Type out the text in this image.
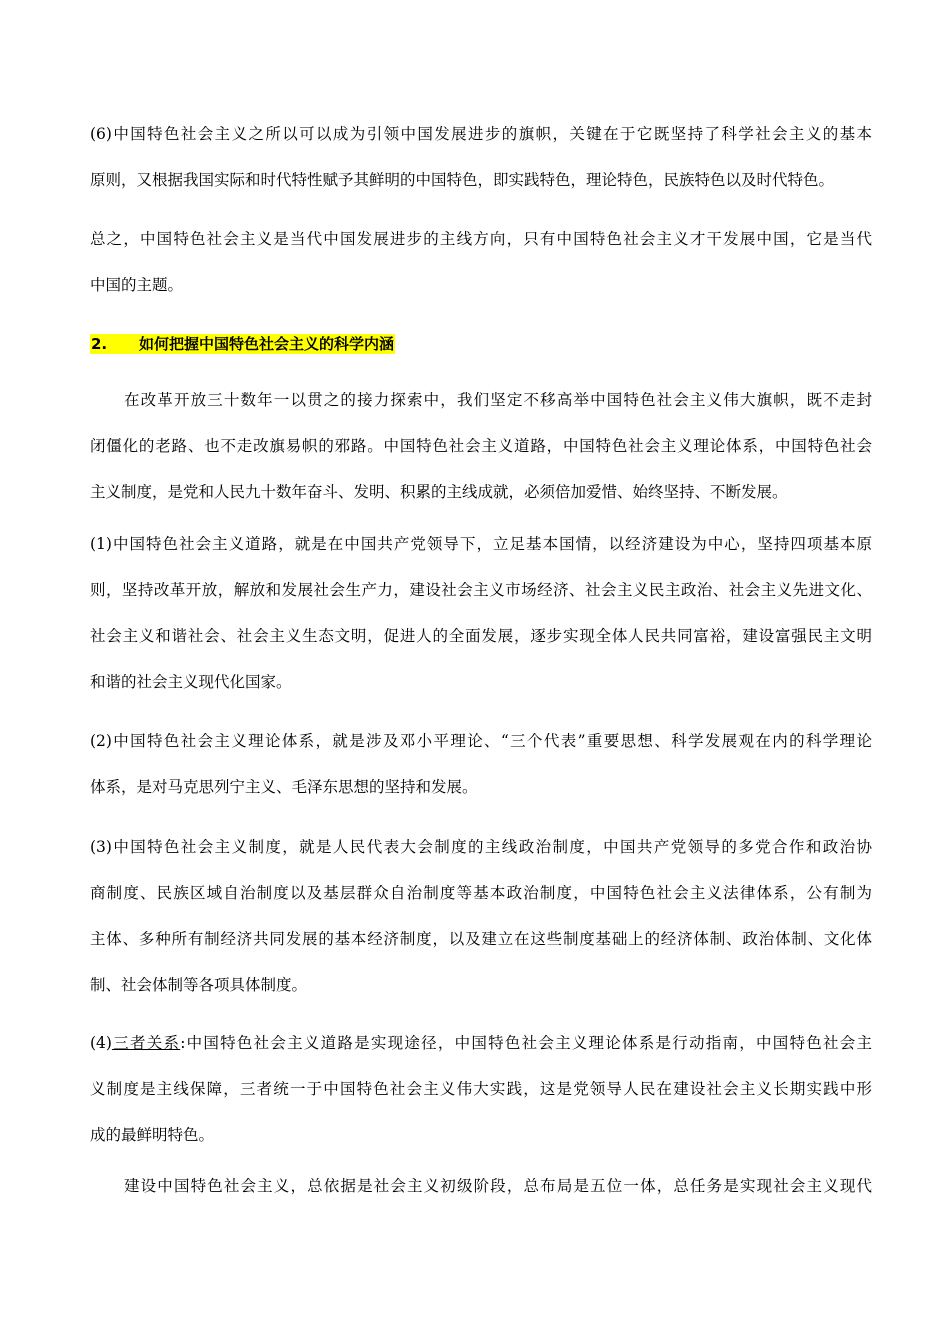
(6)中国特色社会主义之所以可以成为引领中国发展进步的旗帜，关键在于它既坚持了科学社会主义的基本
原则，又根据我国实际和时代特性赋予其鲜明的中国特色，即实践特色，理论特色，民族特色以及时代特色。
总之，中国特色社会主义是当代中国发展进步的主线方向，只有中国特色社会主义才干发展中国，它是当代
中国的主题。
2. 如何把握中国特色社会主义的科学内涵
在改革开放三十数年一以贯之的接力探索中，我们坚定不移高举中国特色社会主义伟大旗帜，既不走封
闭僵化的老路、也不走改旗易帜的邪路。中国特色社会主义道路，中国特色社会主义理论体系，中国特色社会
主义制度，是党和人民九十数年奋斗、发明、积累的主线成就，必须倍加爱惜、始终坚持、不断发展。
(1)中国特色社会主义道路，就是在中国共产党领导下，立足基本国情，以经济建设为中心，坚持四项基本原
则，坚持改革开放，解放和发展社会生产力，建设社会主义市场经济、社会主义民主政治、社会主义先进文化、
社会主义和谐社会、社会主义生态文明，促进人的全面发展，逐步实现全体人民共同富裕，建设富强民主文明
和谐的社会主义现代化国家。
(2)中国特色社会主义理论体系，就是涉及邓小平理论、“三个代表”重要思想、科学发展观在内的科学理论
体系，是对马克思列宁主义、毛泽东思想的坚持和发展。
(3)中国特色社会主义制度，就是人民代表大会制度的主线政治制度，中国共产党领导的多党合作和政治协
商制度、民族区域自治制度以及基层群众自治制度等基本政治制度，中国特色社会主义法律体系，公有制为
主体、多种所有制经济共同发展的基本经济制度，以及建立在这些制度基础上的经济体制、政治体制、文化体
制、社会体制等各项具体制度。
(4)三者关系:中国特色社会主义道路是实现途径，中国特色社会主义理论体系是行动指南，中国特色社会主
义制度是主线保障，三者统一于中国特色社会主义伟大实践，这是党领导人民在建设社会主义长期实践中形
成的最鲜明特色。
建设中国特色社会主义，总依据是社会主义初级阶段，总布局是五位一体，总任务是实现社会主义现代
